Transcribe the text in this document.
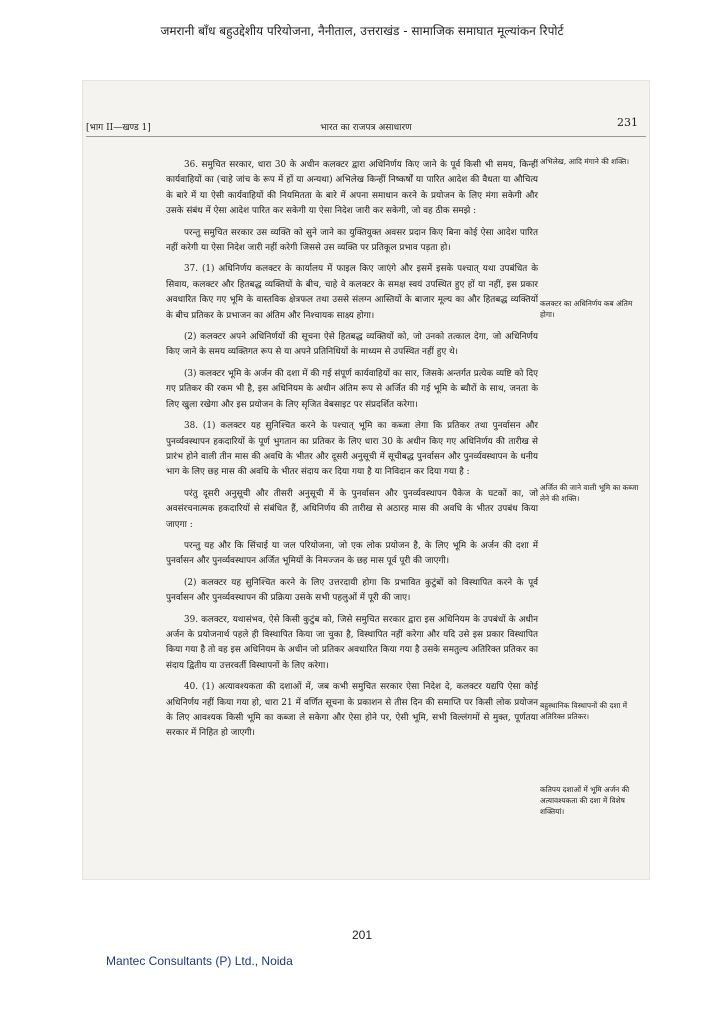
जमरानी बाँध बहुउद्देशीय परियोजना, नैनीताल, उत्तराखंड - सामाजिक समाघात मूल्यांकन रिपोर्ट
[भाग II—खण्ड 1]	भारत का राजपत्र असाधारण	231

36. समुचित सरकार, धारा 30 के अधीन कलक्टर द्वारा अधिनिर्णय किए जाने के पूर्व किसी भी समय, किन्हीं कार्यवाहियों का (चाहे जांच के रूप में हों या अन्यथा) अभिलेख किन्हीं निष्कर्षों या पारित आदेश की वैधता या औचित्य के बारे में या ऐसी कार्यवाहियों की नियमितता के बारे में अपना समाधान करने के प्रयोजन के लिए मंगा सकेगी और उसके संबंध में ऐसा आदेश पारित कर सकेगी या ऐसा निदेश जारी कर सकेगी, जो वह ठीक समझे :

परन्तु समुचित सरकार उस व्यक्ति को सुने जाने का युक्तियुक्त अवसर प्रदान किए बिना कोई ऐसा आदेश पारित नहीं करेगी या ऐसा निदेश जारी नहीं करेगी जिससे उस व्यक्ति पर प्रतिकूल प्रभाव पड़ता हो।

37. (1) अधिनिर्णय कलक्टर के कार्यालय में फाइल किए जाएंगे और इसमें इसके पश्चात् यथा उपबंधित के सिवाय, कलक्टर और हितबद्ध व्यक्तियों के बीच, चाहे वे कलक्टर के समक्ष स्वयं उपस्थित हुए हों या नहीं, इस प्रकार अवधारित किए गए भूमि के वास्तविक क्षेत्रफल तथा उससे संलग्न आस्तियों के बाजार मूल्य का और हितबद्ध व्यक्तियों के बीच प्रतिकर के प्रभाजन का अंतिम और निश्चायक साक्ष्य होगा।

(2) कलक्टर अपने अधिनिर्णयों की सूचना ऐसे हितबद्ध व्यक्तियों को, जो उनको तत्काल देगा, जो अधिनिर्णय किए जाने के समय व्यक्तिगत रूप से या अपने प्रतिनिधियों के माध्यम से उपस्थित नहीं हुए थे।

(3) कलक्टर भूमि के अर्जन की दशा में की गई संपूर्ण कार्यवाहियों का सार, जिसके अन्तर्गत प्रत्येक व्यष्टि को दिए गए प्रतिकर की रकम भी है, इस अधिनियम के अधीन अंतिम रूप से अर्जित की गई भूमि के ब्यौरों के साथ, जनता के लिए खुला रखेगा और इस प्रयोजन के लिए सृजित वेबसाइट पर संप्रदर्शित करेगा।

38. (1) कलक्टर यह सुनिश्चित करने के पश्चात् भूमि का कब्जा लेगा कि प्रतिकर तथा पुनर्वासन और पुनर्व्यवस्थापन हकदारियों के पूर्ण भुगतान का प्रतिकर के लिए धारा 30 के अधीन किए गए अधिनिर्णय की तारीख से प्रारंभ होने वाली तीन मास की अवधि के भीतर और दूसरी अनुसूची में सूचीबद्ध पुनर्वासन और पुनर्व्यवस्थापन के धनीय भाग के लिए छह मास की अवधि के भीतर संदाय कर दिया गया है या निविदान कर दिया गया है :

परंतु दूसरी अनुसूची और तीसरी अनुसूची में के पुनर्वासन और पुनर्व्यवस्थापन पैकेज के घटकों का, जो अवसंरचनात्मक हकदारियों से संबंधित हैं, अधिनिर्णय की तारीख से अठारह मास की अवधि के भीतर उपबंध किया जाएगा :

परन्तु यह और कि सिंचाई या जल परियोजना, जो एक लोक प्रयोजन है, के लिए भूमि के अर्जन की दशा में पुनर्वासन और पुनर्व्यवस्थापन अर्जित भूमियों के निमज्जन के छह मास पूर्व पूरी की जाएगी।

(2) कलक्टर यह सुनिश्चित करने के लिए उत्तरदायी होगा कि प्रभावित कुटुंबों को विस्थापित करने के पूर्व पुनर्वासन और पुनर्व्यवस्थापन की प्रक्रिया उसके सभी पहलुओं में पूरी की जाए।

39. कलक्टर, यथासंभव, ऐसे किसी कुटुंब को, जिसे समुचित सरकार द्वारा इस अधिनियम के उपबंधों के अधीन अर्जन के प्रयोजनार्थ पहले ही विस्थापित किया जा चुका है, विस्थापित नहीं करेगा और यदि उसे इस प्रकार विस्थापित किया गया है तो वह इस अधिनियम के अधीन जो प्रतिकर अवधारित किया गया है उसके समतुल्य अतिरिक्त प्रतिकर का संदाय द्वितीय या उत्तरवर्ती विस्थापनों के लिए करेगा।

40. (1) अत्यावश्यकता की दशाओं में, जब कभी समुचित सरकार ऐसा निदेश दे, कलक्टर यद्यपि ऐसा कोई अधिनिर्णय नहीं किया गया हो, धारा 21 में वर्णित सूचना के प्रकाशन से तीस दिन की समाप्ति पर किसी लोक प्रयोजन के लिए आवश्यक किसी भूमि का कब्जा ले सकेगा और ऐसा होने पर, ऐसी भूमि, सभी विल्लंगमों से मुक्त, पूर्णतया सरकार में निहित हो जाएगी।

अभिलेख, आदि मंगाने की शक्ति।
कलक्टर का अधिनिर्णय कब अंतिम होगा।
अर्जित की जाने वाली भूमि का कब्जा लेने की शक्ति।
बहुस्थानिक विस्थापनों की दशा में अतिरिक्त प्रतिकर।
कतिपय दशाओं में भूमि अर्जन की अत्यावश्यकता की दशा में विशेष शक्तियां।
201
Mantec Consultants (P) Ltd., Noida
